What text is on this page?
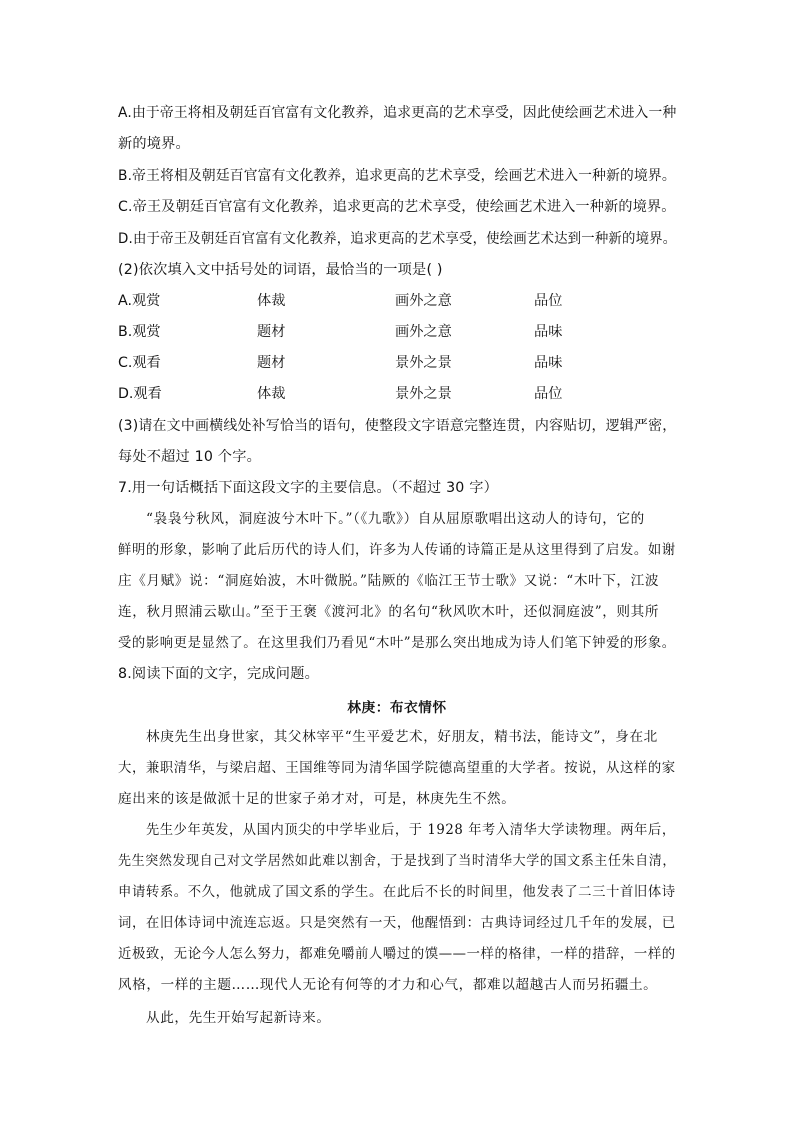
A.由于帝王将相及朝廷百官富有文化教养，追求更高的艺术享受，因此使绘画艺术进入一种
新的境界。
B.帝王将相及朝廷百官富有文化教养，追求更高的艺术享受，绘画艺术进入一种新的境界。
C.帝王及朝廷百官富有文化教养，追求更高的艺术享受，使绘画艺术进入一种新的境界。
D.由于帝王及朝廷百官富有文化教养，追求更高的艺术享受，使绘画艺术达到一种新的境界。
(2)依次填入文中括号处的词语，最恰当的一项是( )
A.观赏	体裁	画外之意	品位
B.观赏	题材	画外之意	品味
C.观看	题材	景外之景	品味
D.观看	体裁	景外之景	品位
(3)请在文中画横线处补写恰当的语句，使整段文字语意完整连贯，内容贴切，逻辑严密，
每处不超过 10 个字。
7.用一句话概括下面这段文字的主要信息。（不超过 30 字）
“袅袅兮秋风，洞庭波兮木叶下。”（《九歌》）自从屈原歌唱出这动人的诗句，它的
鲜明的形象，影响了此后历代的诗人们，许多为人传诵的诗篇正是从这里得到了启发。如谢
庄《月赋》说：“洞庭始波，木叶微脱。”陆厥的《临江王节士歌》又说：“木叶下，江波
连，秋月照浦云歇山。”至于王褒《渡河北》的名句“秋风吹木叶，还似洞庭波”，则其所
受的影响更是显然了。在这里我们乃看见“木叶”是那么突出地成为诗人们笔下钟爱的形象。
8.阅读下面的文字，完成问题。
林庚：布衣情怀
林庚先生出身世家，其父林宰平“生平爱艺术，好朋友，精书法，能诗文”，身在北
大，兼职清华，与梁启超、王国维等同为清华国学院德高望重的大学者。按说，从这样的家
庭出来的该是做派十足的世家子弟才对，可是，林庚先生不然。
先生少年英发，从国内顶尖的中学毕业后，于 1928 年考入清华大学读物理。两年后，
先生突然发现自己对文学居然如此难以割舍，于是找到了当时清华大学的国文系主任朱自清，
申请转系。不久，他就成了国文系的学生。在此后不长的时间里，他发表了二三十首旧体诗
词，在旧体诗词中流连忘返。只是突然有一天，他醒悟到：古典诗词经过几千年的发展，已
近极致，无论今人怎么努力，都难免嚼前人嚼过的馍——一样的格律，一样的措辞，一样的
风格，一样的主题……现代人无论有何等的才力和心气，都难以超越古人而另拓疆土。
从此，先生开始写起新诗来。
